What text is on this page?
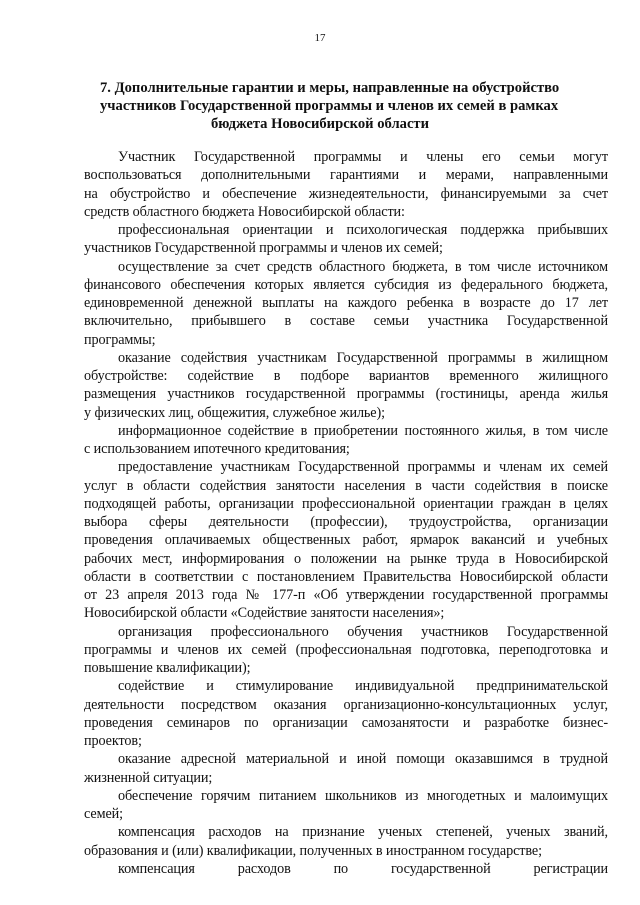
17
7. Дополнительные гарантии и меры, направленные на обустройство
участников Государственной программы и членов их семей в рамках
бюджета Новосибирской области

Участник Государственной программы и члены его семьи могут
воспользоваться дополнительными гарантиями и мерами, направленными
на обустройство и обеспечение жизнедеятельности, финансируемыми за счет
средств областного бюджета Новосибирской области:

профессиональная ориентации и психологическая поддержка прибывших
участников Государственной программы и членов их семей;

осуществление за счет средств областного бюджета, в том числе источником
финансового обеспечения которых является субсидия из федерального бюджета,
единовременной денежной выплаты на каждого ребенка в возрасте до 17 лет
включительно, прибывшего в составе семьи участника Государственной
программы;

оказание содействия участникам Государственной программы в жилищном
обустройстве: содействие в подборе вариантов временного жилищного
размещения участников государственной программы (гостиницы, аренда жилья
у физических лиц, общежития, служебное жилье);

информационное содействие в приобретении постоянного жилья, в том числе
с использованием ипотечного кредитования;

предоставление участникам Государственной программы и членам их семей
услуг в области содействия занятости населения в части содействия в поиске
подходящей работы, организации профессиональной ориентации граждан в целях
выбора сферы деятельности (профессии), трудоустройства, организации
проведения оплачиваемых общественных работ, ярмарок вакансий и учебных
рабочих мест, информирования о положении на рынке труда в Новосибирской
области в соответствии с постановлением Правительства Новосибирской области
от 23 апреля 2013 года № 177-п «Об утверждении государственной программы
Новосибирской области «Содействие занятости населения»;

организация профессионального обучения участников Государственной
программы и членов их семей (профессиональная подготовка, переподготовка и
повышение квалификации);

содействие и стимулирование индивидуальной предпринимательской
деятельности посредством оказания организационно-консультационных услуг,
проведения семинаров по организации самозанятости и разработке бизнес-
проектов;

оказание адресной материальной и иной помощи оказавшимся в трудной
жизненной ситуации;

обеспечение горячим питанием школьников из многодетных и малоимущих
семей;

компенсация расходов на признание ученых степеней, ученых званий,
образования и (или) квалификации, полученных в иностранном государстве;

компенсация расходов по государственной регистрации
